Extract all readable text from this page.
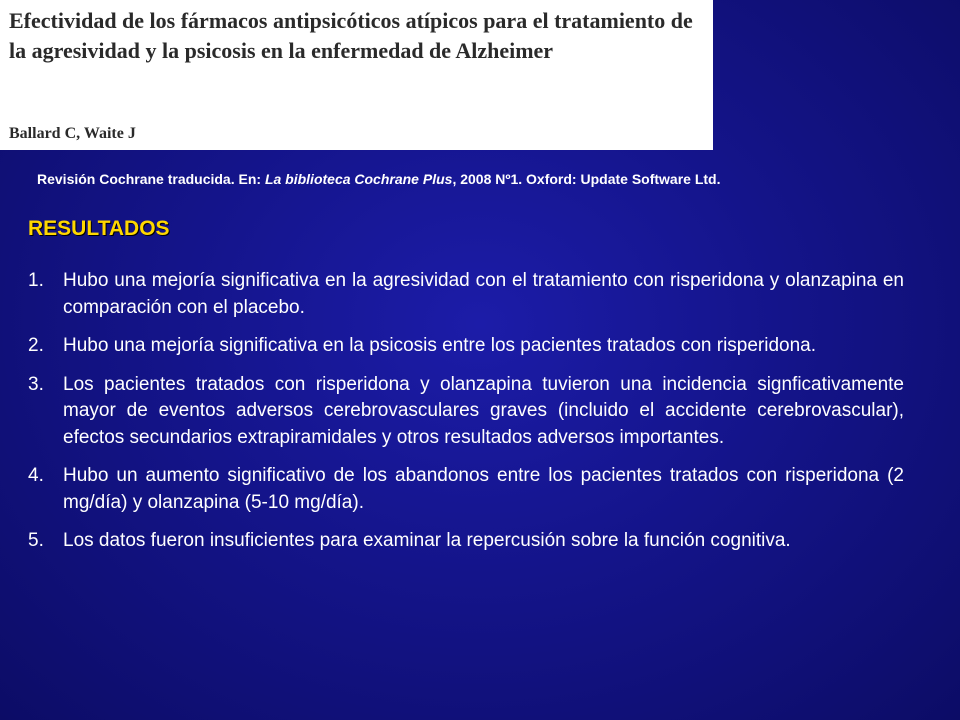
Efectividad de los fármacos antipsicóticos atípicos para el tratamiento de la agresividad y la psicosis en la enfermedad de Alzheimer
Ballard C, Waite J
Revisión Cochrane traducida. En: La biblioteca Cochrane Plus, 2008 Nº1. Oxford: Update Software Ltd.
RESULTADOS
1.	Hubo una mejoría significativa en la agresividad con el tratamiento con risperidona y olanzapina en comparación con el placebo.
2.	Hubo una mejoría significativa en la psicosis entre los pacientes tratados con risperidona.
3.	Los pacientes tratados con risperidona y olanzapina tuvieron una incidencia signficativamente mayor de eventos adversos cerebrovasculares graves (incluido el accidente cerebrovascular), efectos secundarios extrapiramidales y otros resultados adversos importantes.
4.	Hubo un aumento significativo de los abandonos entre los pacientes tratados con risperidona (2 mg/día) y olanzapina (5-10 mg/día).
5.	Los datos fueron insuficientes para examinar la repercusión sobre la función cognitiva.
